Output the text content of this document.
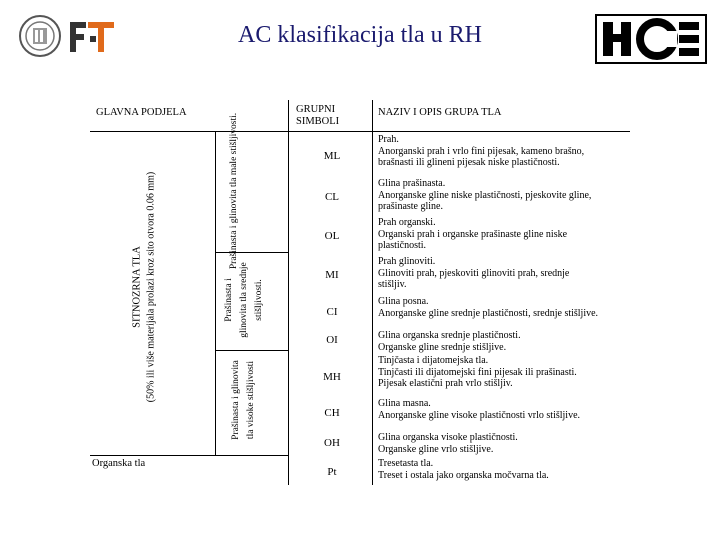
AC klasifikacija tla u RH
GLAVNA PODJELA	GRUPNI SIMBOLI
NAZIV I OPIS GRUPA TLA
SITNOZRNA TLA (50% ili više materijala prolazi kroz sito otvora 0.06 mm)	Prašinasta i glinovita tla male stišljivosti.
Prašinasta i glinovita tla srednje stišljivosti.
Prašinasta i glinovita tla visoke stišljivosti
Organska tla
ML
CL
OL
MI
CI
OI
MH
CH
OH
Pt
Prah.
Anorganski prah i vrlo fini pijesak, kameno brašno,
brašnasti ili glineni pijesak niske plastičnosti.
Glina prašinasta.
Anorganske gline niske plastičnosti, pjeskovite gline,
prašinaste gline.
Prah organski.
Organski prah i organske prašinaste gline niske
plastičnosti.
Prah glinoviti.
Glinoviti prah, pjeskoviti glinoviti prah, srednje
stišljiv.
Glina posna.
Anorganske gline srednje plastičnosti, srednje stišljive.
Glina organska srednje plastičnosti.
Organske gline srednje stišljive.
Tinjčasta i dijatomejska tla.
Tinjčasti ili dijatomejski fini pijesak ili prašinasti.
Pijesak elastični prah vrlo stišljiv.
Glina masna.
Anorganske gline visoke plastičnosti vrlo stišljive.
Glina organska visoke plastičnosti.
Organske gline vrlo stišljive.
Tresetasta tla.
Treset i ostala jako organska močvarna tla.
